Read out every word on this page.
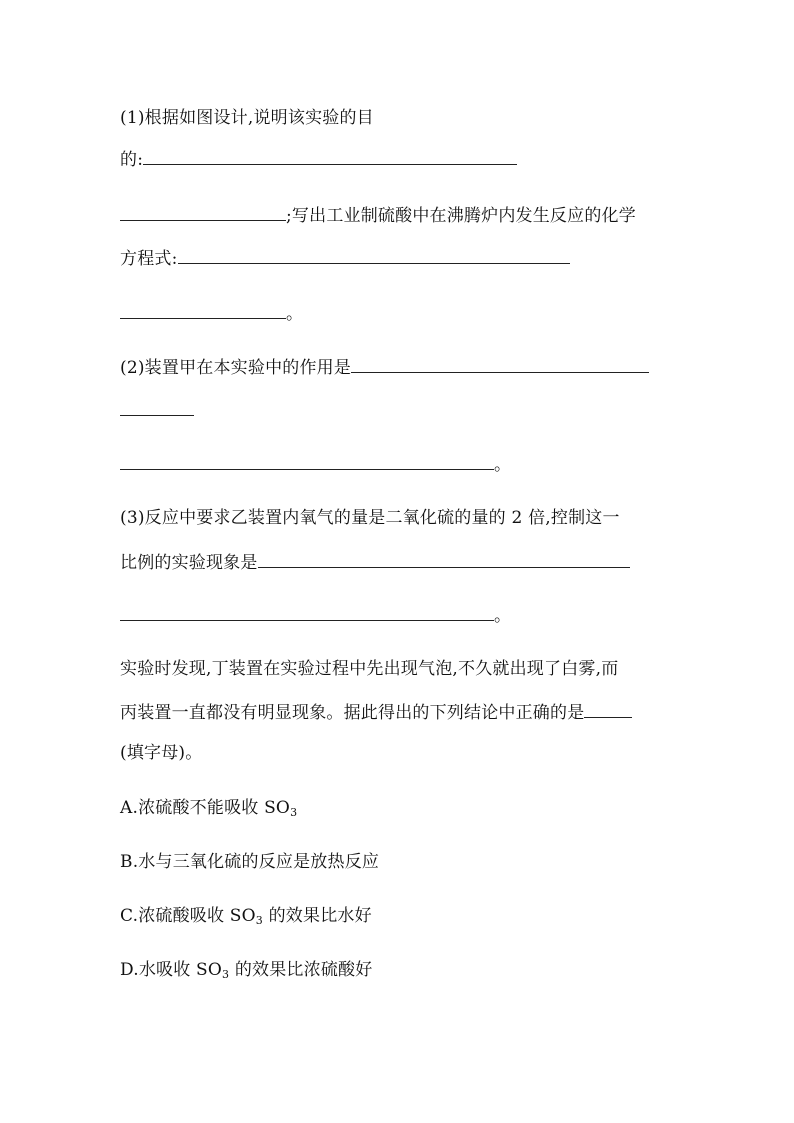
(1)根据如图设计,说明该实验的目
的:
;写出工业制硫酸中在沸腾炉内发生反应的化学
方程式:
。
(2)装置甲在本实验中的作用是
。
(3)反应中要求乙装置内氧气的量是二氧化硫的量的 2 倍,控制这一
比例的实验现象是
。
实验时发现,丁装置在实验过程中先出现气泡,不久就出现了白雾,而
丙装置一直都没有明显现象。据此得出的下列结论中正确的是
(填字母)。
A.浓硫酸不能吸收 $SO_3$
B.水与三氧化硫的反应是放热反应
C.浓硫酸吸收 $SO_3$ 的效果比水好
D.水吸收 $SO_3$ 的效果比浓硫酸好
